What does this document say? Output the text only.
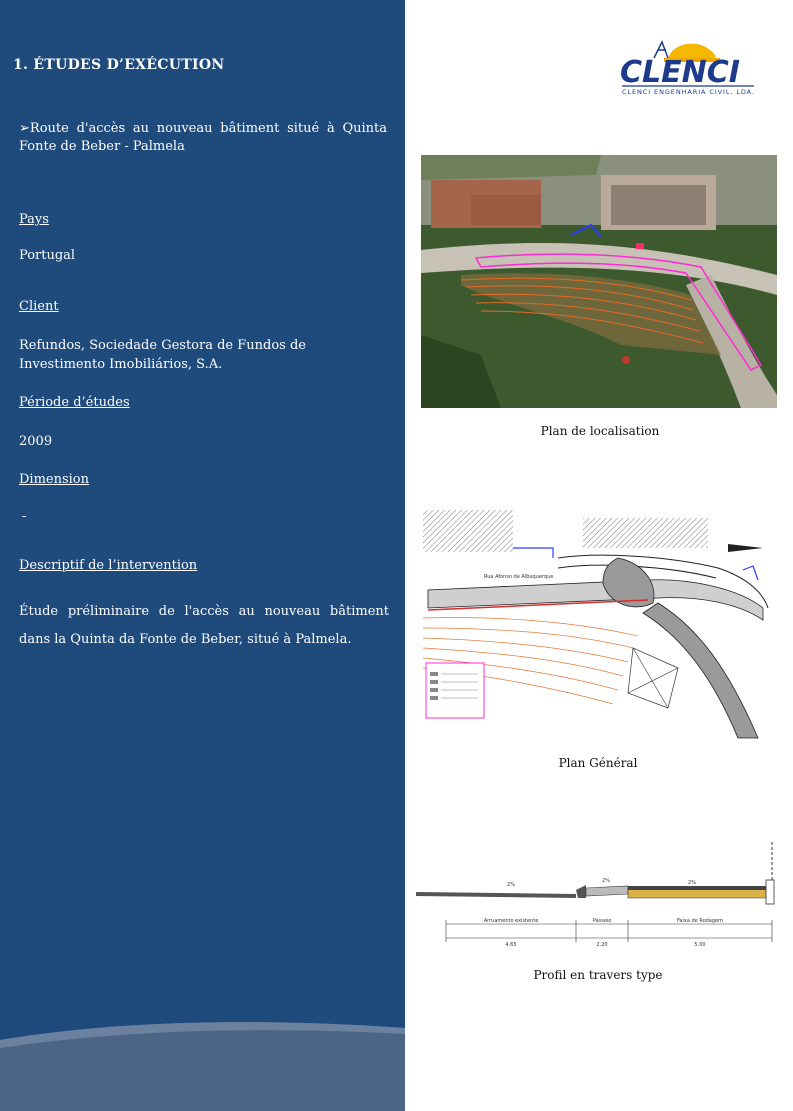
1. ÉTUDES D’EXÉCUTION
➢Route d'accès au nouveau bâtiment situé à Quinta Fonte de Beber - Palmela
Pays
Portugal
Client
Refundos, Sociedade Gestora de Fundos de Investimento Imobiliários, S.A.
Période d’études
2009
Dimension
-
Descriptif de l’intervention
Étude préliminaire de l'accès au nouveau bâtiment dans la Quinta da Fonte de Beber, situé à Palmela.
CLENCI
CLENCI ENGENHARIA CIVIL, LDA.
Plan de localisation
Rua Afonso de Albuquerque
Plan Général
Arruamento existente	Passeio	Faixa de Rodagem
4.65	2.20	5.00
2%
2%	2%
Profil en travers type
